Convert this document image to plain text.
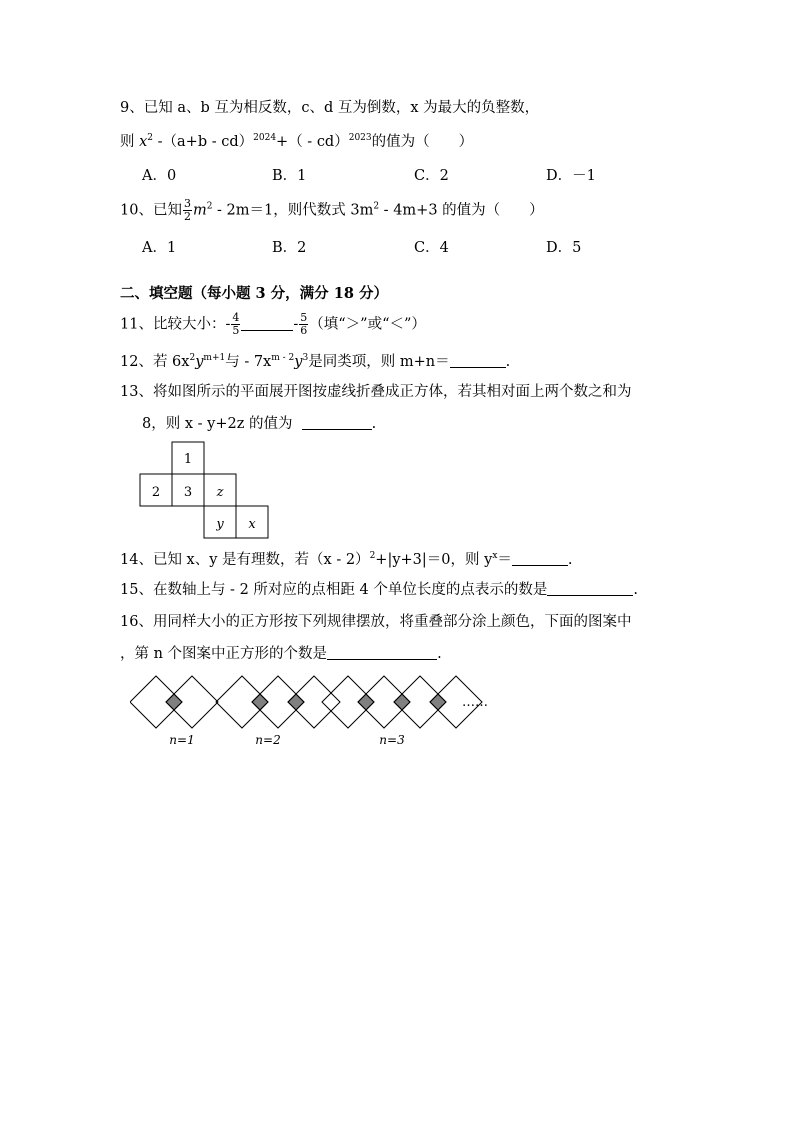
9、已知 a、b 互为相反数，c、d 互为倒数，x 为最大的负整数，
则 $x^2$ -（a+b - cd）$^{2024}$+（ - cd）$^{2023}$的值为（　　）
A．0	B．1	C．2	D．－1
10、已知 $\frac{3}{2} m^2 - 2m=1$，则代数式 $3m^2 - 4m+3$ 的值为（　　）
A．1	B．2	C．4	D．5
二、填空题（每小题 3 分，满分 18 分）
11、比较大小：- $\frac{4}{5}$	- $\frac{5}{6}$ （填“＞”或“＜”）
12、若 $6x^2y^{m+1}$与 - $7x^{m - 2}y^3$是同类项，则 m+n＝	.
13、将如图所示的平面展开图按虚线折叠成正方体，若其相对面上两个数之和为
8，则 x - y+2z 的值为	.
1
2 3 z
y x
14、已知 x、y 是有理数，若（x - 2）$^2$+|y+3|＝0，则 $y^x=$	.
15、在数轴上与 - 2 所对应的点相距 4 个单位长度的点表示的数是	.
16、用同样大小的正方形按下列规律摆放，将重叠部分涂上颜色，下面的图案中
，第 n 个图案中正方形的个数是	.
n=1	n=2	n=3
……
